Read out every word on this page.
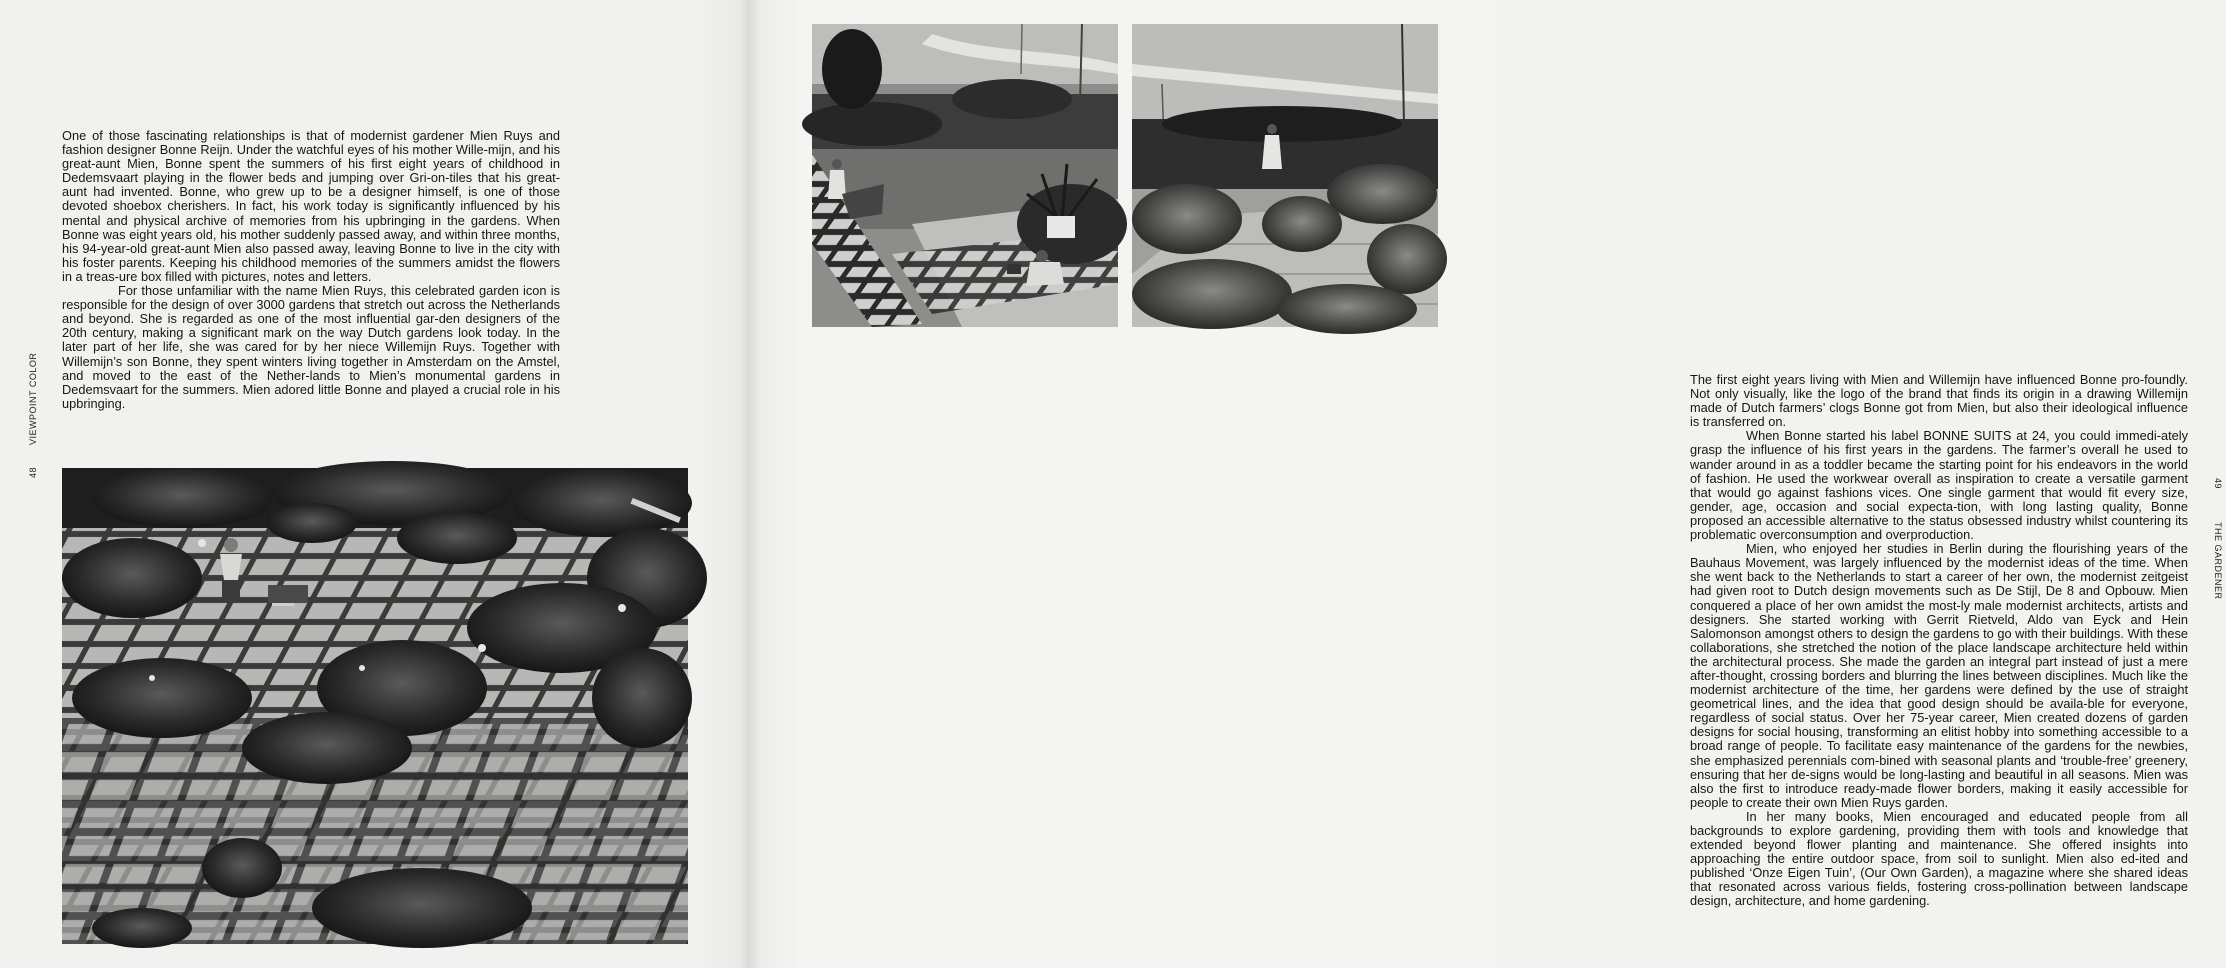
VIEWPOINT COLOR
48

One of those fascinating relationships is that of modernist gardener Mien Ruys and fashion designer Bonne Reijn. Under the watchful eyes of his mother Wille-mijn, and his great-aunt Mien, Bonne spent the summers of his first eight years of childhood in Dedemsvaart playing in the flower beds and jumping over Gri-on-tiles that his great-aunt had invented. Bonne, who grew up to be a designer himself, is one of those devoted shoebox cherishers. In fact, his work today is significantly influenced by his mental and physical archive of memories from his upbringing in the gardens. When Bonne was eight years old, his mother suddenly passed away, and within three months, his 94-year-old great-aunt Mien also passed away, leaving Bonne to live in the city with his foster parents. Keeping his childhood memories of the summers amidst the flowers in a treas-ure box filled with pictures, notes and letters.

For those unfamiliar with the name Mien Ruys, this celebrated garden icon is responsible for the design of over 3000 gardens that stretch out across the Netherlands and beyond. She is regarded as one of the most influential gar-den designers of the 20th century, making a significant mark on the way Dutch gardens look today. In the later part of her life, she was cared for by her niece Willemijn Ruys. Together with Willemijn’s son Bonne, they spent winters living together in Amsterdam on the Amstel, and moved to the east of the Nether-lands to Mien’s monumental gardens in Dedemsvaart for the summers. Mien adored little Bonne and played a crucial role in his upbringing.

49
THE GARDENER

The first eight years living with Mien and Willemijn have influenced Bonne pro-foundly. Not only visually, like the logo of the brand that finds its origin in a drawing Willemijn made of Dutch farmers’ clogs Bonne got from Mien, but also their ideological influence is transferred on.

When Bonne started his label BONNE SUITS at 24, you could immedi-ately grasp the influence of his first years in the gardens. The farmer’s overall he used to wander around in as a toddler became the starting point for his endeavors in the world of fashion. He used the workwear overall as inspiration to create a versatile garment that would go against fashions vices. One single garment that would fit every size, gender, age, occasion and social expecta-tion, with long lasting quality, Bonne proposed an accessible alternative to the status obsessed industry whilst countering its problematic overconsumption and overproduction.

Mien, who enjoyed her studies in Berlin during the flourishing years of the Bauhaus Movement, was largely influenced by the modernist ideas of the time. When she went back to the Netherlands to start a career of her own, the modernist zeitgeist had given root to Dutch design movements such as De Stijl, De 8 and Opbouw. Mien conquered a place of her own amidst the most-ly male modernist architects, artists and designers. She started working with Gerrit Rietveld, Aldo van Eyck and Hein Salomonson amongst others to design the gardens to go with their buildings. With these collaborations, she stretched the notion of the place landscape architecture held within the architectural process. She made the garden an integral part instead of just a mere after-thought, crossing borders and blurring the lines between disciplines. Much like the modernist architecture of the time, her gardens were defined by the use of straight geometrical lines, and the idea that good design should be availa-ble for everyone, regardless of social status. Over her 75-year career, Mien created dozens of garden designs for social housing, transforming an elitist hobby into something accessible to a broad range of people. To facilitate easy maintenance of the gardens for the newbies, she emphasized perennials com-bined with seasonal plants and ‘trouble-free’ greenery, ensuring that her de-signs would be long-lasting and beautiful in all seasons. Mien was also the first to introduce ready-made flower borders, making it easily accessible for people to create their own Mien Ruys garden.

In her many books, Mien encouraged and educated people from all backgrounds to explore gardening, providing them with tools and knowledge that extended beyond flower planting and maintenance. She offered insights into approaching the entire outdoor space, from soil to sunlight. Mien also ed-ited and published ‘Onze Eigen Tuin’, (Our Own Garden), a magazine where she shared ideas that resonated across various fields, fostering cross-pollination between landscape design, architecture, and home gardening.
